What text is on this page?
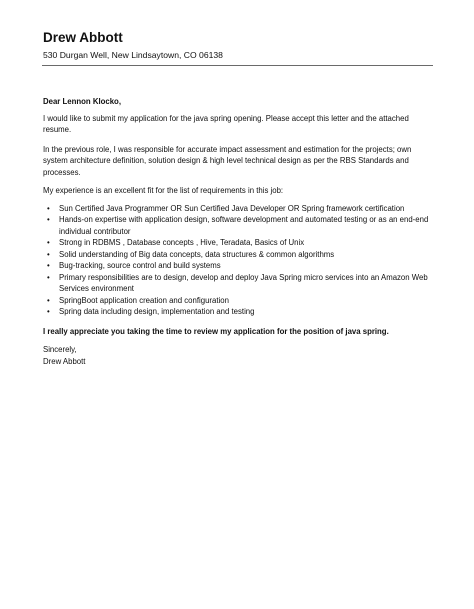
Drew Abbott
530 Durgan Well, New Lindsaytown, CO 06138

Dear Lennon Klocko,

I would like to submit my application for the java spring opening. Please accept this letter and the attached resume.

In the previous role, I was responsible for accurate impact assessment and estimation for the projects; own system architecture definition, solution design & high level technical design as per the RBS Standards and processes.

My experience is an excellent fit for the list of requirements in this job:

• Sun Certified Java Programmer OR Sun Certified Java Developer OR Spring framework certification
• Hands-on expertise with application design, software development and automated testing or as an end-end individual contributor
• Strong in RDBMS , Database concepts , Hive, Teradata, Basics of Unix
• Solid understanding of Big data concepts, data structures & common algorithms
• Bug-tracking, source control and build systems
• Primary responsibilities are to design, develop and deploy Java Spring micro services into an Amazon Web Services environment
• SpringBoot application creation and configuration
• Spring data including design, implementation and testing

I really appreciate you taking the time to review my application for the position of java spring.

Sincerely,

Drew Abbott
